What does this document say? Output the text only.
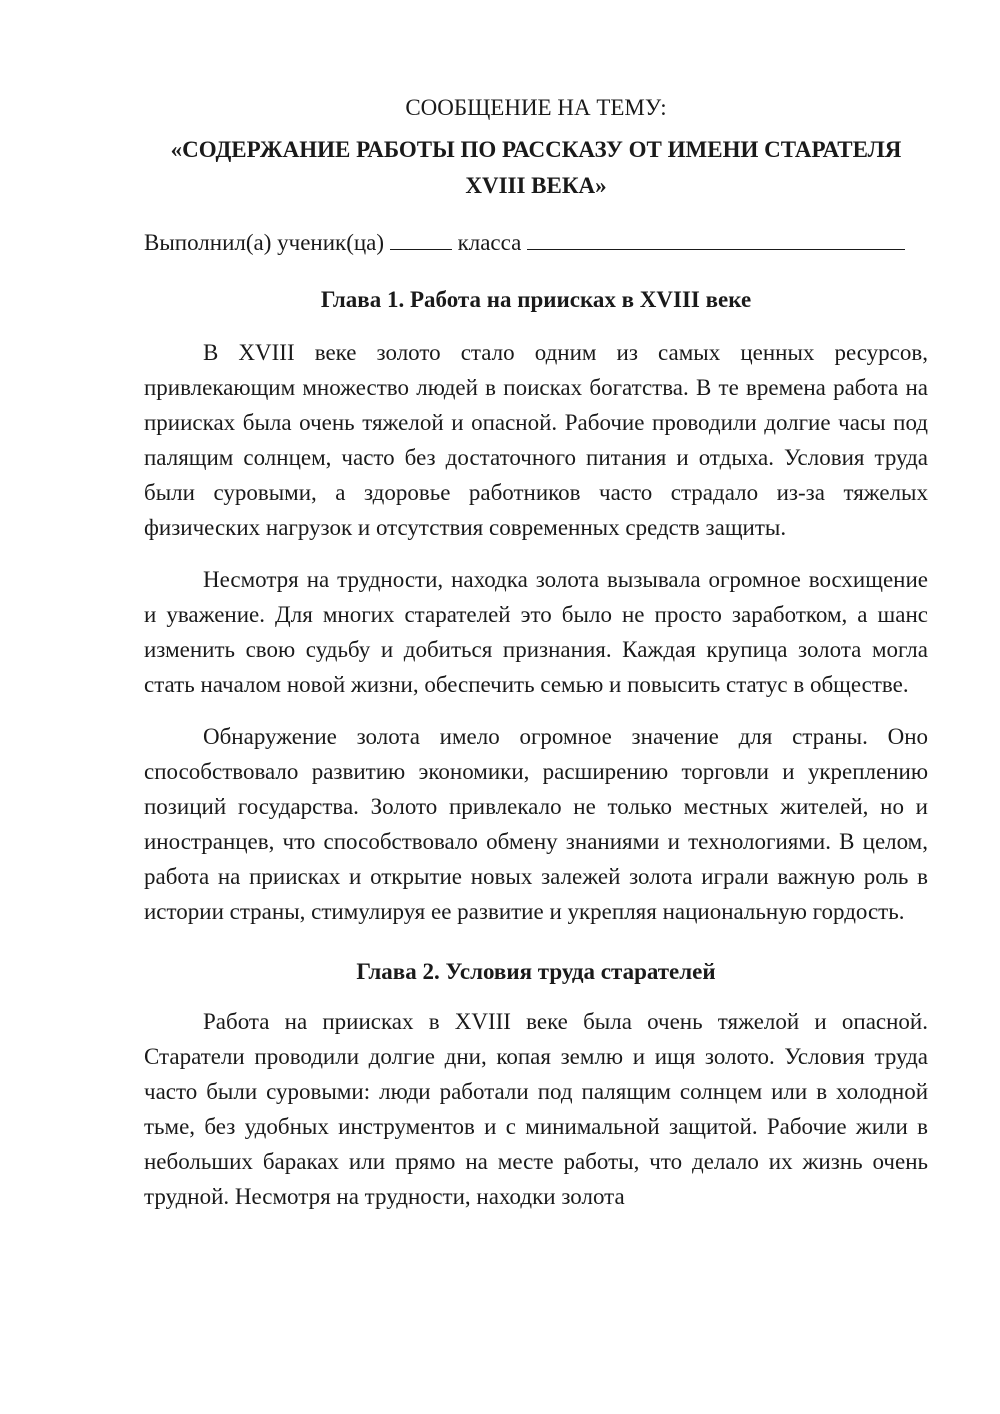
СООБЩЕНИЕ НА ТЕМУ:

«СОДЕРЖАНИЕ РАБОТЫ ПО РАССКАЗУ ОТ ИМЕНИ СТАРАТЕЛЯ

XVIII ВЕКА»

Выполнил(а) ученик(ца)	класса

Глава 1. Работа на приисках в XVIII веке

В XVIII веке золото стало одним из самых ценных ресурсов, привлекающим множество людей в поисках богатства. В те времена работа на приисках была очень тяжелой и опасной. Рабочие проводили долгие часы под палящим солнцем, часто без достаточного питания и отдыха. Условия труда были суровыми, а здоровье работников часто страдало из-за тяжелых физических нагрузок и отсутствия современных средств защиты.

Несмотря на трудности, находка золота вызывала огромное восхищение и уважение. Для многих старателей это было не просто заработком, а шанс изменить свою судьбу и добиться признания. Каждая крупица золота могла стать началом новой жизни, обеспечить семью и повысить статус в обществе.

Обнаружение золота имело огромное значение для страны. Оно способствовало развитию экономики, расширению торговли и укреплению позиций государства. Золото привлекало не только местных жителей, но и иностранцев, что способствовало обмену знаниями и технологиями. В целом, работа на приисках и открытие новых залежей золота играли важную роль в истории страны, стимулируя ее развитие и укрепляя национальную гордость.

Глава 2. Условия труда старателей

Работа на приисках в XVIII веке была очень тяжелой и опасной. Старатели проводили долгие дни, копая землю и ищя золото. Условия труда часто были суровыми: люди работали под палящим солнцем или в холодной тьме, без удобных инструментов и с минимальной защитой. Рабочие жили в небольших бараках или прямо на месте работы, что делало их жизнь очень трудной. Несмотря на трудности, находки золота
